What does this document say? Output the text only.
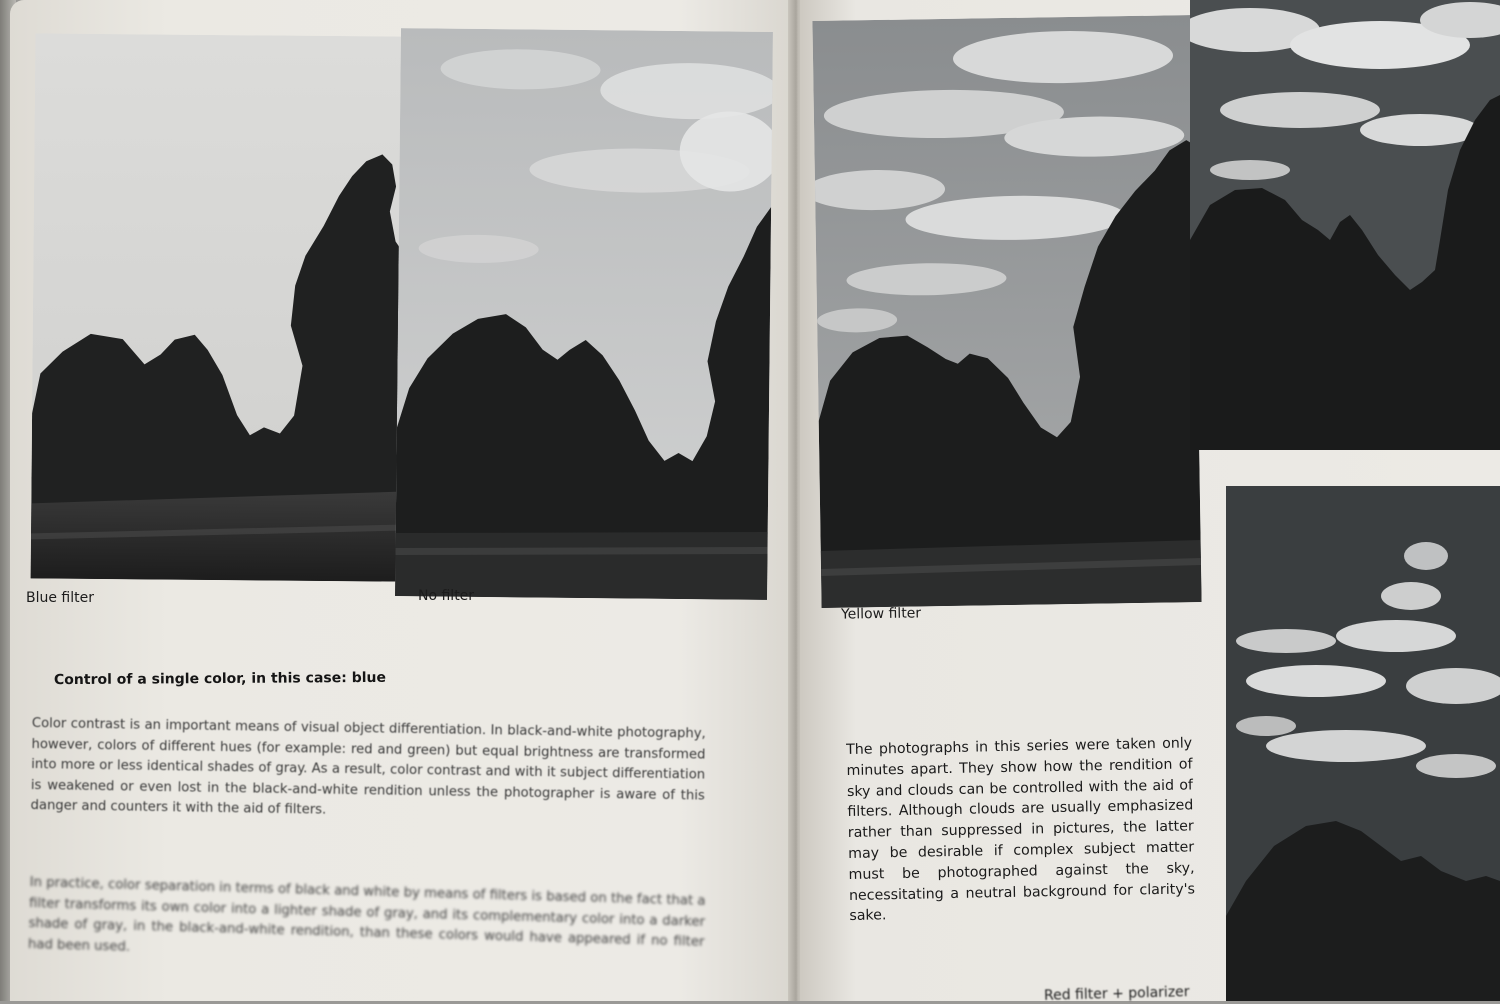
Blue filter	No filter
Control of a single color, in this case: blue
Color contrast is an important means of visual object differentiation. In black-and-white photography, however, colors of different hues (for example: red and green) but equal brightness are transformed into more or less identical shades of gray. As a result, color contrast and with it subject differentiation is weakened or even lost in the black-and-white rendition unless the photographer is aware of this danger and counters it with the aid of filters.
In practice, color separation in terms of black and white by means of filters is based on the fact that a filter transforms its own color into a lighter shade of gray, and its complementary color into a darker shade of gray, in the black-and-white rendition, than these colors would have appeared if no filter had been used.
Yellow filter
The photographs in this series were taken only minutes apart. They show how the rendition of sky and clouds can be controlled with the aid of filters. Although clouds are usually emphasized rather than suppressed in pictures, the latter may be desirable if complex subject matter must be photographed against the sky, necessitating a neutral background for clarity's sake.
Red filter + polarizer
